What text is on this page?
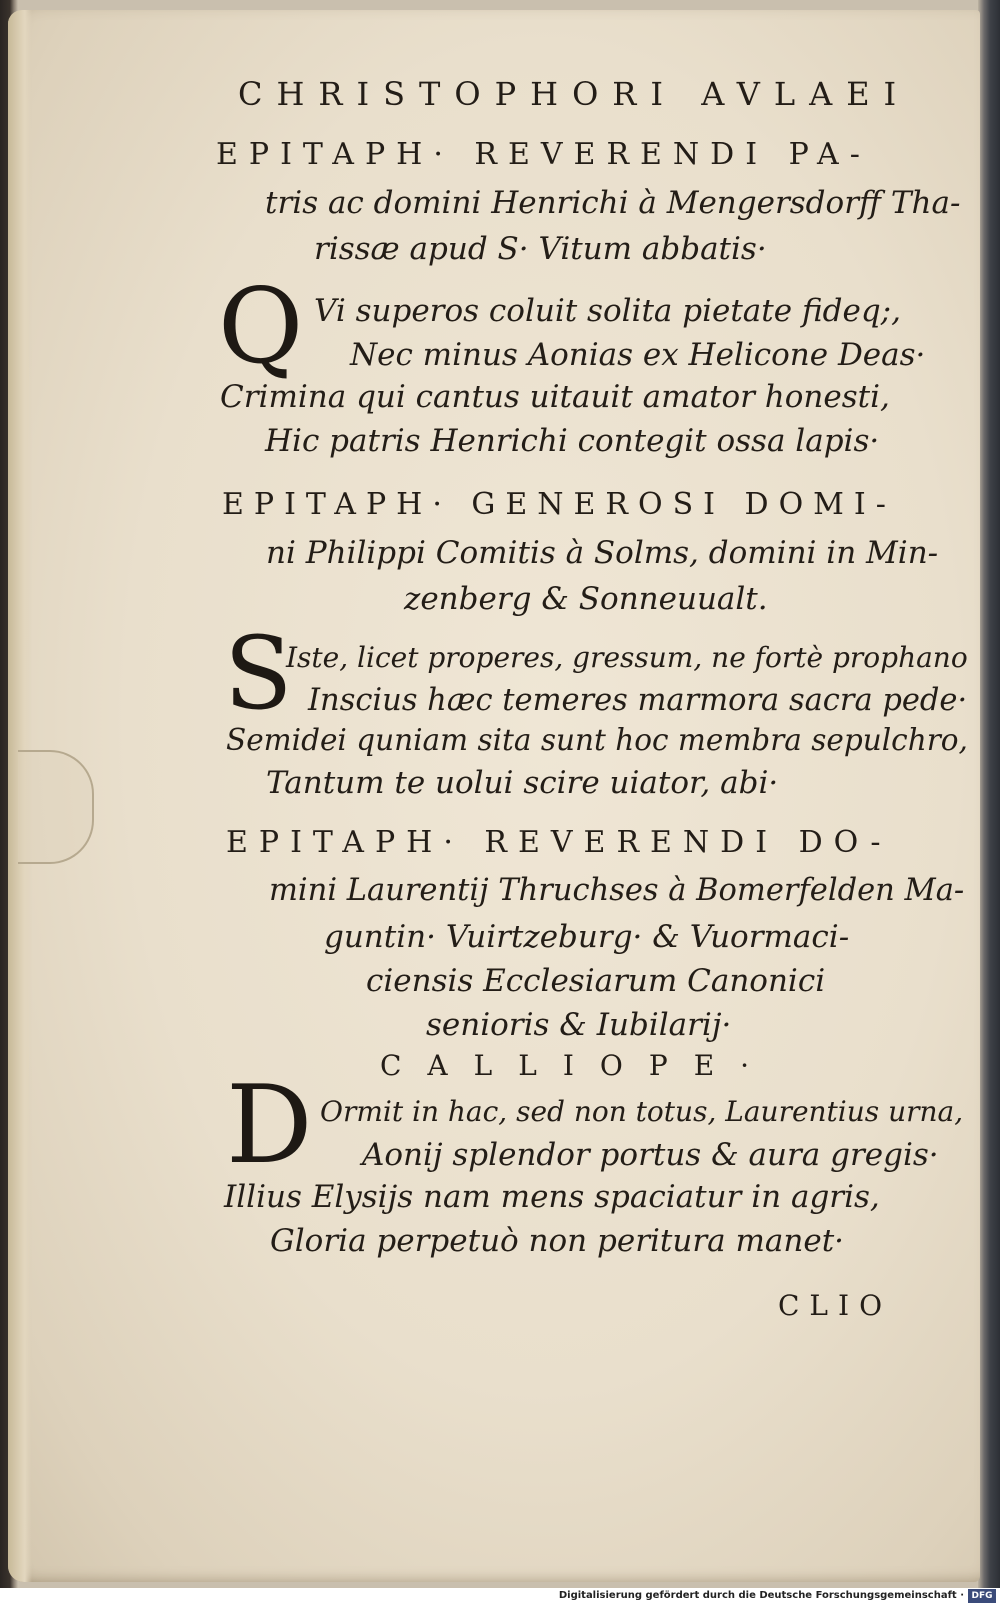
CHRISTOPHORI AVLAEI
EPITAPH· REVERENDI PA-
tris ac domini Henrichi à Mengersdorff Tha-
rissæ apud S· Vitum abbatis·
Q Vi superos coluit solita pietate fideq;,
Nec minus Aonias ex Helicone Deas·
Crimina qui cantus uitauit amator honesti,
Hic patris Henrichi contegit ossa lapis·
EPITAPH· GENEROSI DOMI-
ni Philippi Comitis à Solms, domini in Min-
zenberg & Sonneuualt.
S
Iste, licet properes, gressum, ne fortè prophano
Inscius hæc temeres marmora sacra pede·
Semidei quniam sita sunt hoc membra sepulchro,
Tantum te uolui scire uiator, abi·
EPITAPH· REVERENDI DO-
mini Laurentij Thruchses à Bomerfelden Ma-
guntin· Vuirtzeburg· & Vuormaci-
ciensis Ecclesiarum Canonici
senioris & Iubilarij·
CALLIOPE·
D Ormit in hac, sed non totus, Laurentius urna,
Aonij splendor portus & aura gregis·
Illius Elysijs nam mens spaciatur in agris,
Gloria perpetuò non peritura manet·
CLIO
Digitalisierung gefördert durch die Deutsche Forschungsgemeinschaft · DFG
